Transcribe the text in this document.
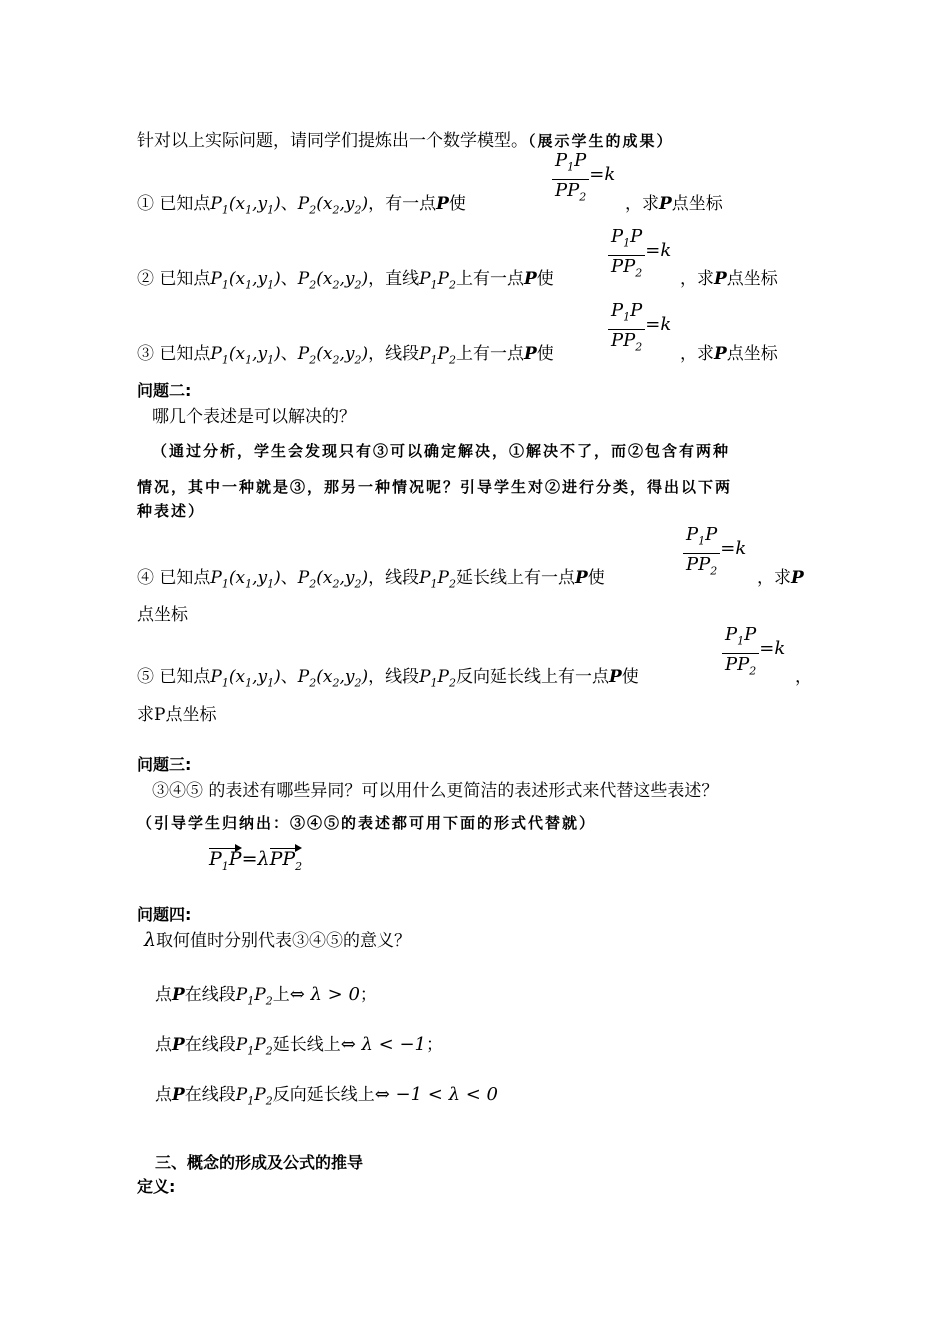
针对以上实际问题，请同学们提炼出一个数学模型。（展示学生的成果）
① 已知点$P_1(x_1,y_1)$、$P_2(x_2,y_2)$，有一点P使
$P_1P$
$PP_2$
=k
，求P点坐标
② 已知点$P_1(x_1,y_1)$、$P_2(x_2,y_2)$，直线$P_1P_2$上有一点P使
$P_1P$
$PP_2$
=k
，求P点坐标
③ 已知点$P_1(x_1,y_1)$、$P_2(x_2,y_2)$，线段$P_1P_2$上有一点P使
$P_1P$
$PP_2$
=k
，求P点坐标
问题二:
哪几个表述是可以解决的？
（通过分析，学生会发现只有③可以确定解决，①解决不了，而②包含有两种
情况，其中一种就是③，那另一种情况呢？引导学生对②进行分类，得出以下两
种表述）
④ 已知点$P_1(x_1,y_1)$、$P_2(x_2,y_2)$，线段$P_1P_2$延长线上有一点P使
$P_1P$
$PP_2$
=k
，求P
点坐标
⑤ 已知点$P_1(x_1,y_1)$、$P_2(x_2,y_2)$，线段$P_1P_2$反向延长线上有一点P使
$P_1P$
$PP_2$
=k
，
求P点坐标
问题三:
③④⑤ 的表述有哪些异同？可以用什么更简洁的表述形式来代替这些表述？
（引导学生归纳出：③④⑤的表述都可用下面的形式代替就）
$P_1P=\lambda PP_2$
问题四:
λ取何值时分别代表③④⑤的意义？
点P在线段$P_1P_2$上⇔ λ > 0；
点P在线段$P_1P_2$延长线上⇔ λ < −1；
点P在线段$P_1P_2$反向延长线上⇔ −1 < λ < 0
三、概念的形成及公式的推导
定义:
